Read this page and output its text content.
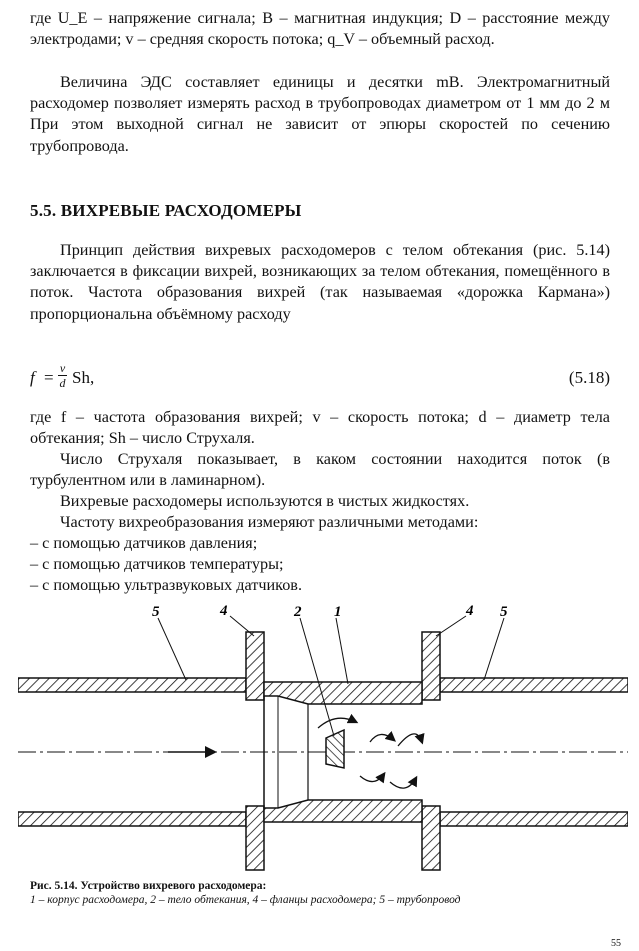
где U_E – напряжение сигнала; B – магнитная индукция; D – расстояние между электродами; v – средняя скорость потока; q_V – объемный расход.

Величина ЭДС составляет единицы и десятки mВ. Электромагнитный расходомер позволяет измерять расход в трубопроводах диаметром от 1 мм до 2 м При этом выходной сигнал не зависит от эпюры скоростей по сечению трубопровода.

5.5. ВИХРЕВЫЕ РАСХОДОМЕРЫ

Принцип действия вихревых расходомеров с телом обтекания (рис. 5.14) заключается в фиксации вихрей, возникающих за телом обтекания, помещённого в поток. Частота образования вихрей (так называемая «дорожка Кармана») пропорциональна объёмному расходу

f = v
d Sh,	(5.18)

где f – частота образования вихрей; v – скорость потока; d – диаметр тела обтекания; Sh – число Струхаля.

Число Струхаля показывает, в каком состоянии находится поток (в турбулентном или в ламинарном).

Вихревые расходомеры используются в чистых жидкостях.

Частоту вихреобразования измеряют различными методами:

– с помощью датчиков давления;
– с помощью датчиков температуры;
– с помощью ультразвуковых датчиков.
5	4	2 1	4 5

Рис. 5.14. Устройство вихревого расходомера:
1 – корпус расходомера, 2 – тело обтекания, 4 – фланцы расходомера; 5 – трубопровод

55
